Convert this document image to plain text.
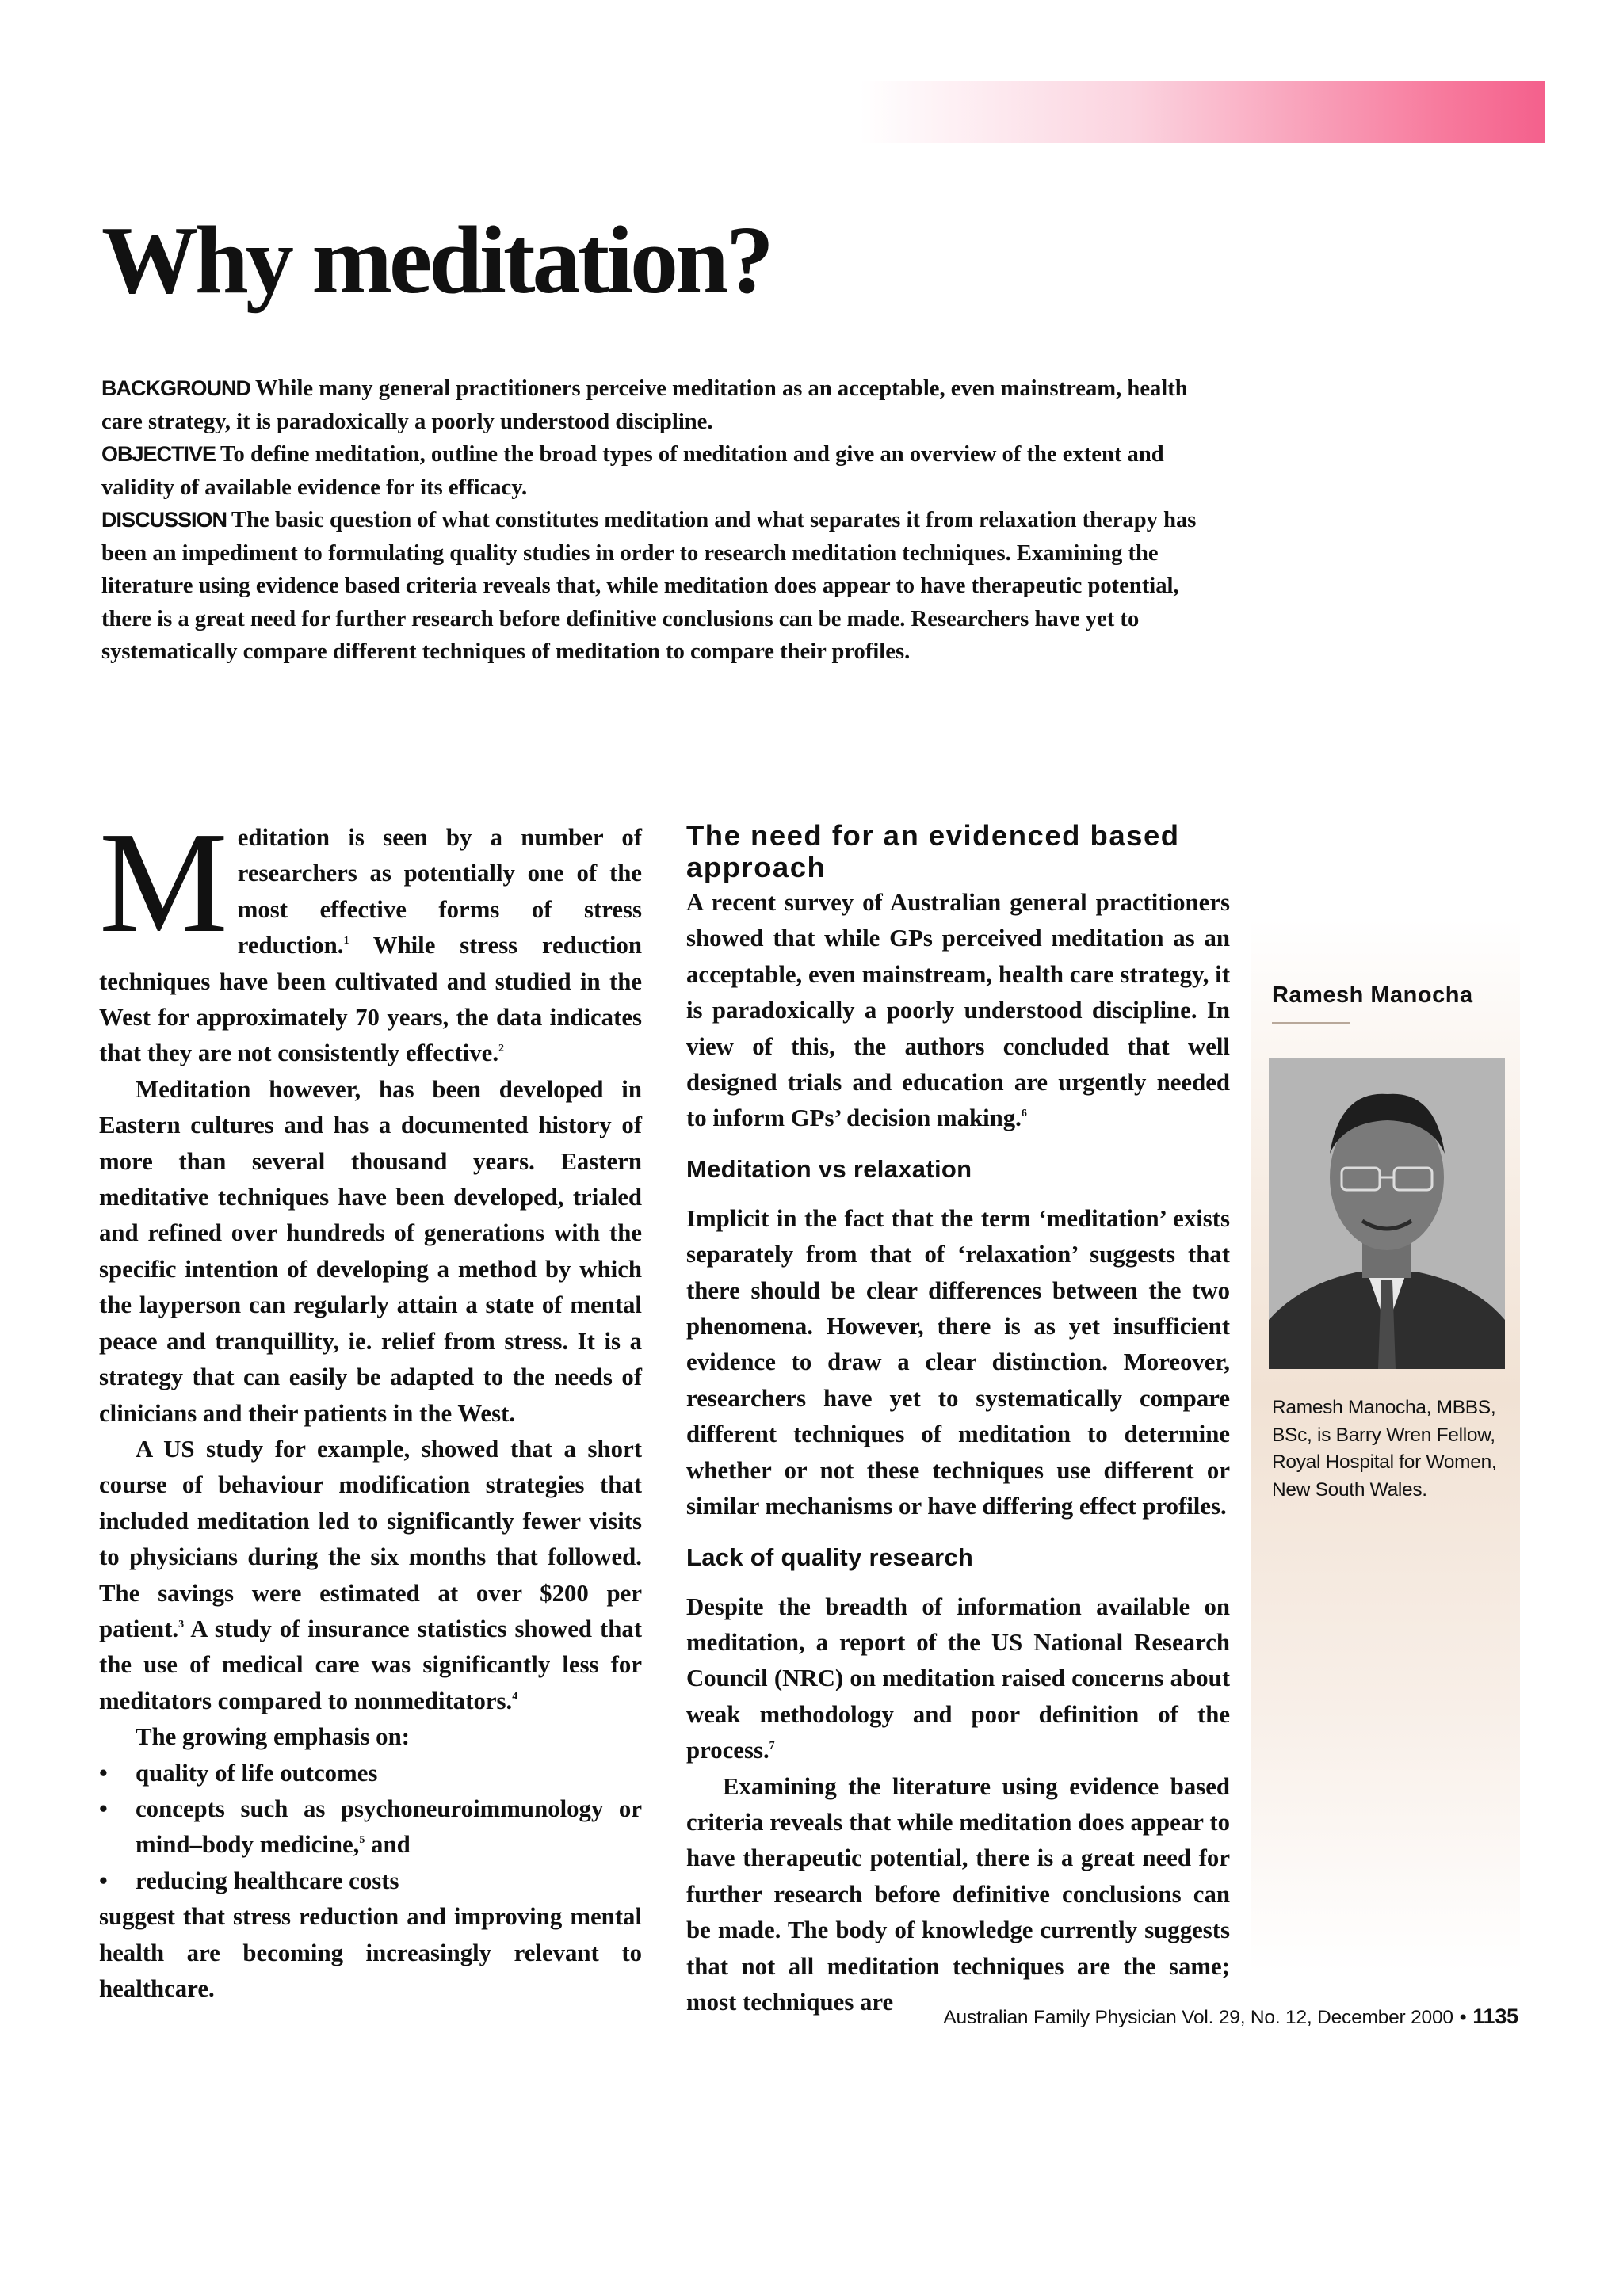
Why meditation?

BACKGROUND While many general practitioners perceive meditation as an acceptable, even mainstream, health care strategy, it is paradoxically a poorly understood discipline.

OBJECTIVE To define meditation, outline the broad types of meditation and give an overview of the extent and validity of available evidence for its efficacy.

DISCUSSION The basic question of what constitutes meditation and what separates it from relaxation therapy has been an impediment to formulating quality studies in order to research meditation techniques. Examining the literature using evidence based criteria reveals that, while meditation does appear to have therapeutic potential, there is a great need for further research before definitive conclusions can be made. Researchers have yet to systematically compare different techniques of meditation to compare their profiles.

Meditation is seen by a number of researchers as potentially one of the most effective forms of stress reduction.$^1$ While stress reduction techniques have been cultivated and studied in the West for approximately 70 years, the data indicates that they are not consistently effective.$^2$

Meditation however, has been developed in Eastern cultures and has a documented history of more than several thousand years. Eastern meditative techniques have been developed, trialed and refined over hundreds of generations with the specific intention of developing a method by which the layperson can regularly attain a state of mental peace and tranquillity, ie. relief from stress. It is a strategy that can easily be adapted to the needs of clinicians and their patients in the West.

A US study for example, showed that a short course of behaviour modification strategies that included meditation led to significantly fewer visits to physicians during the six months that followed. The savings were estimated at over $200 per patient.$^3$ A study of insurance statistics showed that the use of medical care was significantly less for meditators compared to nonmeditators.$^4$

The growing emphasis on:

• quality of life outcomes
• concepts such as psychoneuroimmunology or mind–body medicine,$^5$ and
• reducing healthcare costs

suggest that stress reduction and improving mental health are becoming increasingly relevant to healthcare.

The need for an evidenced based approach

A recent survey of Australian general practitioners showed that while GPs perceived meditation as an acceptable, even mainstream, health care strategy, it is paradoxically a poorly understood discipline. In view of this, the authors concluded that well designed trials and education are urgently needed to inform GPs’ decision making.$^6$

Meditation vs relaxation

Implicit in the fact that the term ‘meditation’ exists separately from that of ‘relaxation’ suggests that there should be clear differences between the two phenomena. However, there is as yet insufficient evidence to draw a clear distinction. Moreover, researchers have yet to systematically compare different techniques of meditation to determine whether or not these techniques use different or similar mechanisms or have differing effect profiles.

Lack of quality research

Despite the breadth of information available on meditation, a report of the US National Research Council (NRC) on meditation raised concerns about weak methodology and poor definition of the process.$^7$

Examining the literature using evidence based criteria reveals that while meditation does appear to have therapeutic potential, there is a great need for further research before definitive conclusions can be made. The body of knowledge currently suggests that not all meditation techniques are the same; most techniques are

Ramesh Manocha

Ramesh Manocha, MBBS, BSc, is Barry Wren Fellow, Royal Hospital for Women, New South Wales.

Australian Family Physician Vol. 29, No. 12, December 2000 • 1135
